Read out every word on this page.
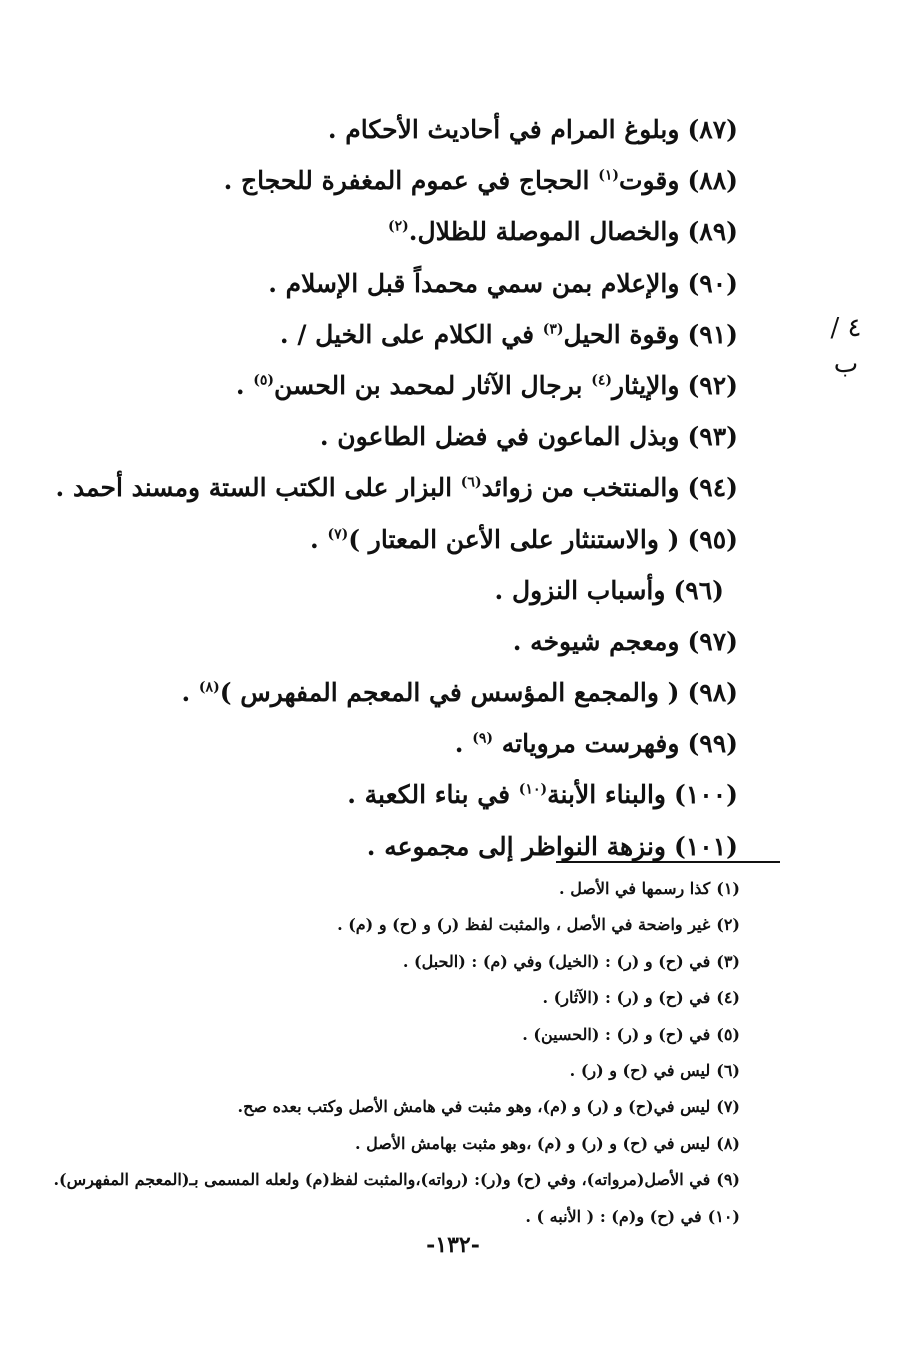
٤ / ب
(٨٧)وبلوغ المرام في أحاديث الأحكام .
(٨٨)وقوت$^{(١)}$ الحجاج في عموم المغفرة للحجاج .
(٨٩)والخصال الموصلة للظلال.$^{(٢)}$
(٩٠)والإعلام بمن سمي محمداً قبل الإسلام .
(٩١)وقوة الحيل$^{(٣)}$ في الكلام على الخيل / .
(٩٢)والإيثار$^{(٤)}$ برجال الآثار لمحمد بن الحسن$^{(٥)}$ .
(٩٣)وبذل الماعون في فضل الطاعون .
(٩٤)والمنتخب من زوائد$^{(٦)}$ البزار على الكتب الستة ومسند أحمد .
(٩٥)( والاستنثار على الأعن المعتار )$^{(٧)}$ .
(٩٦)وأسباب النزول .
(٩٧)ومعجم شيوخه .
(٩٨)( والمجمع المؤسس في المعجم المفهرس )$^{(٨)}$ .
(٩٩)وفهرست مروياته $^{(٩)}$ .
(١٠٠)والبناء الأبنة$^{(١٠)}$ في بناء الكعبة .
(١٠١)ونزهة النواظر إلى مجموعه .
(١)كذا رسمها في الأصل .
(٢)غير واضحة في الأصل ، والمثبت لفظ (ر) و (ح) و (م) .
(٣)في (ح) و (ر) : (الخيل) وفي (م) : (الحبل) .
(٤)في (ح) و (ر) : (الآثار) .
(٥)في (ح) و (ر) : (الحسين) .
(٦)ليس في (ح) و (ر) .
(٧)ليس في(ح) و (ر) و (م)، وهو مثبت في هامش الأصل وكتب بعده صح.
(٨)ليس في (ح) و (ر) و (م) ،وهو مثبت بهامش الأصل .
(٩)في الأصل(مرواته)، وفي (ح) و(ر): (رواته)،والمثبت لفظ(م) ولعله المسمى بـ(المعجم المفهرس).
(١٠)في (ح) و(م) : ( الأنبه ) .
-١٣٢-
